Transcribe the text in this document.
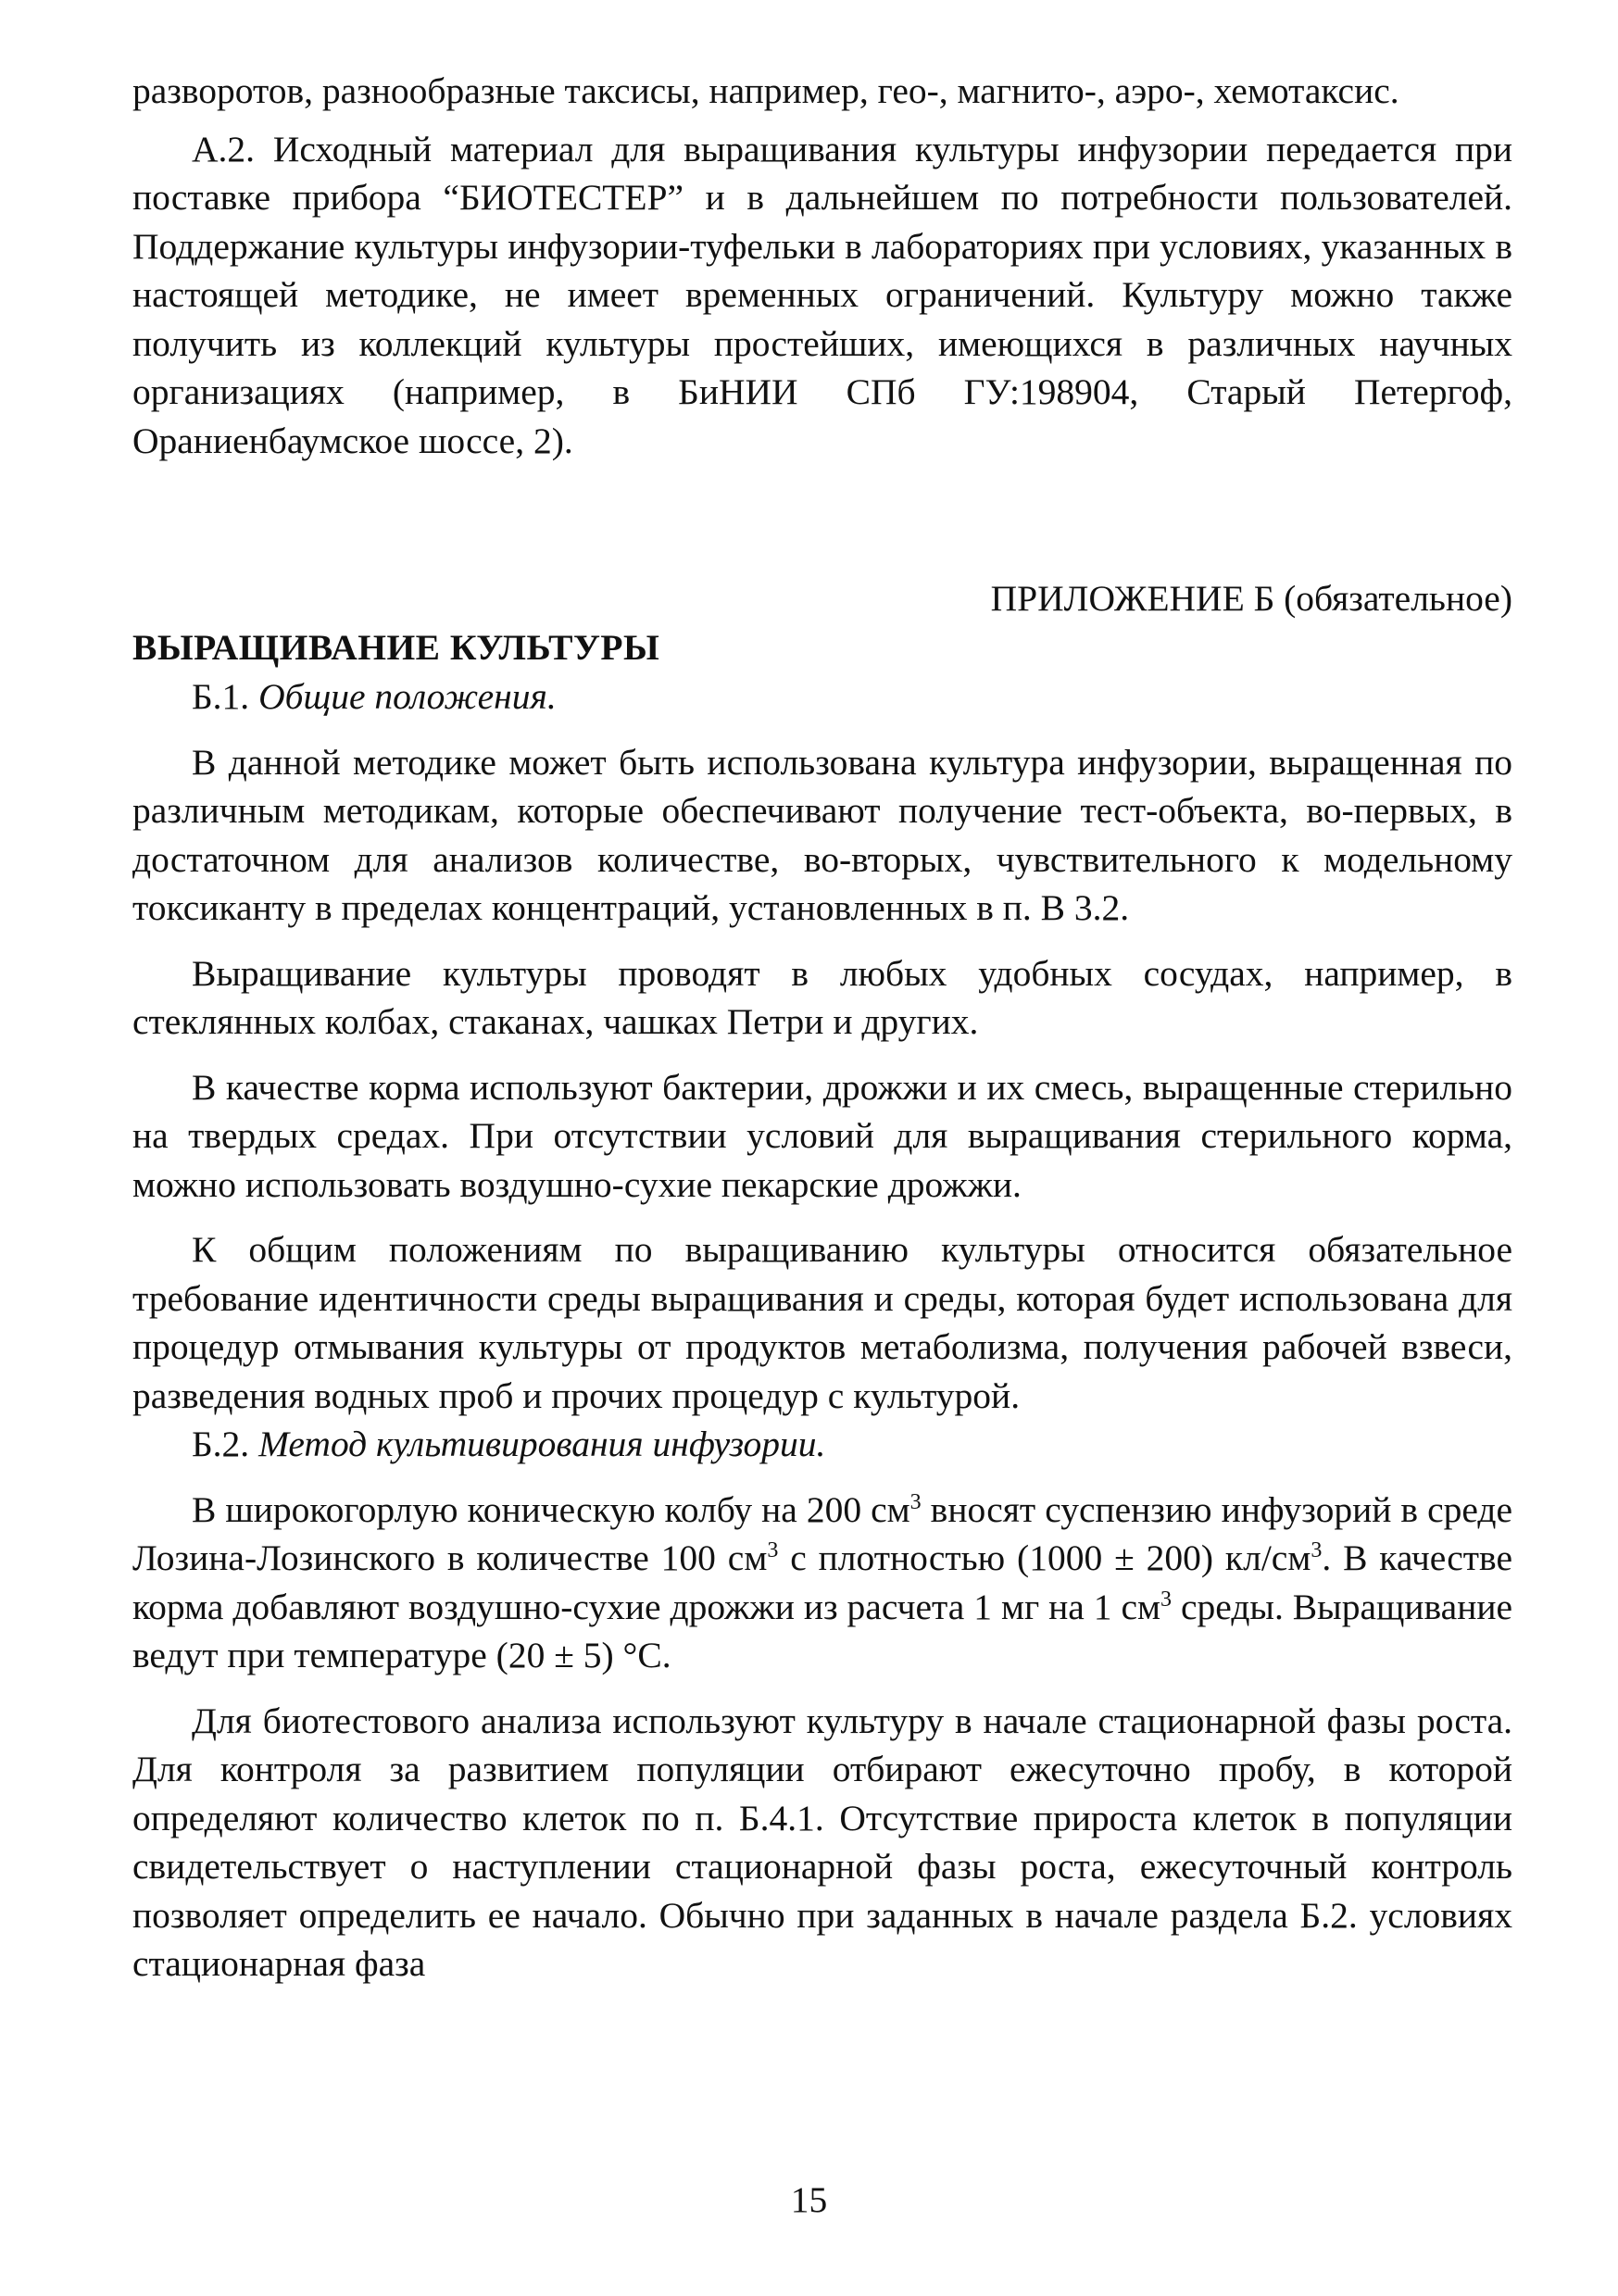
разворотов, разнообразные таксисы, например, гео-, магнито-, аэро-, хемотаксис.

А.2. Исходный материал для выращивания культуры инфузории передается при поставке прибора “БИОТЕСТЕР” и в дальнейшем по потребности пользователей. Поддержание культуры инфузории-туфельки в лабораториях при условиях, указанных в настоящей методике, не имеет временных ограничений. Культуру можно также получить из коллекций культуры простейших, имеющихся в различных научных организациях (например, в БиНИИ СПб ГУ:198904, Старый Петергоф, Ораниенбаумское шоссе, 2).

ПРИЛОЖЕНИЕ Б (обязательное)
ВЫРАЩИВАНИЕ КУЛЬТУРЫ

Б.1. Общие положения.

В данной методике может быть использована культура инфузории, выращенная по различным методикам, которые обеспечивают получение тест-объекта, во-первых, в достаточном для анализов количестве, во-вторых, чувствительного к модельному токсиканту в пределах концентраций, установленных в п. В 3.2.

Выращивание культуры проводят в любых удобных сосудах, например, в стеклянных колбах, стаканах, чашках Петри и других.

В качестве корма используют бактерии, дрожжи и их смесь, выращенные стерильно на твердых средах. При отсутствии условий для выращивания стерильного корма, можно использовать воздушно-сухие пекарские дрожжи.

К общим положениям по выращиванию культуры относится обязательное требование идентичности среды выращивания и среды, которая будет использована для процедур отмывания культуры от продуктов метаболизма, получения рабочей взвеси, разведения водных проб и прочих процедур с культурой.

Б.2. Метод культивирования инфузории.

В широкогорлую коническую колбу на 200 $см^3$ вносят суспензию инфузорий в среде Лозина-Лозинского в количестве 100 $см^3$ с плотностью (1000 ± 200) $кл/см^3$. В качестве корма добавляют воздушно-сухие дрожжи из расчета 1 мг на 1 $см^3$ среды. Выращивание ведут при температуре (20 ± 5) °С.

Для биотестового анализа используют культуру в начале стационарной фазы роста. Для контроля за развитием популяции отбирают ежесуточно пробу, в которой определяют количество клеток по п. Б.4.1. Отсутствие прироста клеток в популяции свидетельствует о наступлении стационарной фазы роста, ежесуточный контроль позволяет определить ее начало. Обычно при заданных в начале раздела Б.2. условиях стационарная фаза

15
